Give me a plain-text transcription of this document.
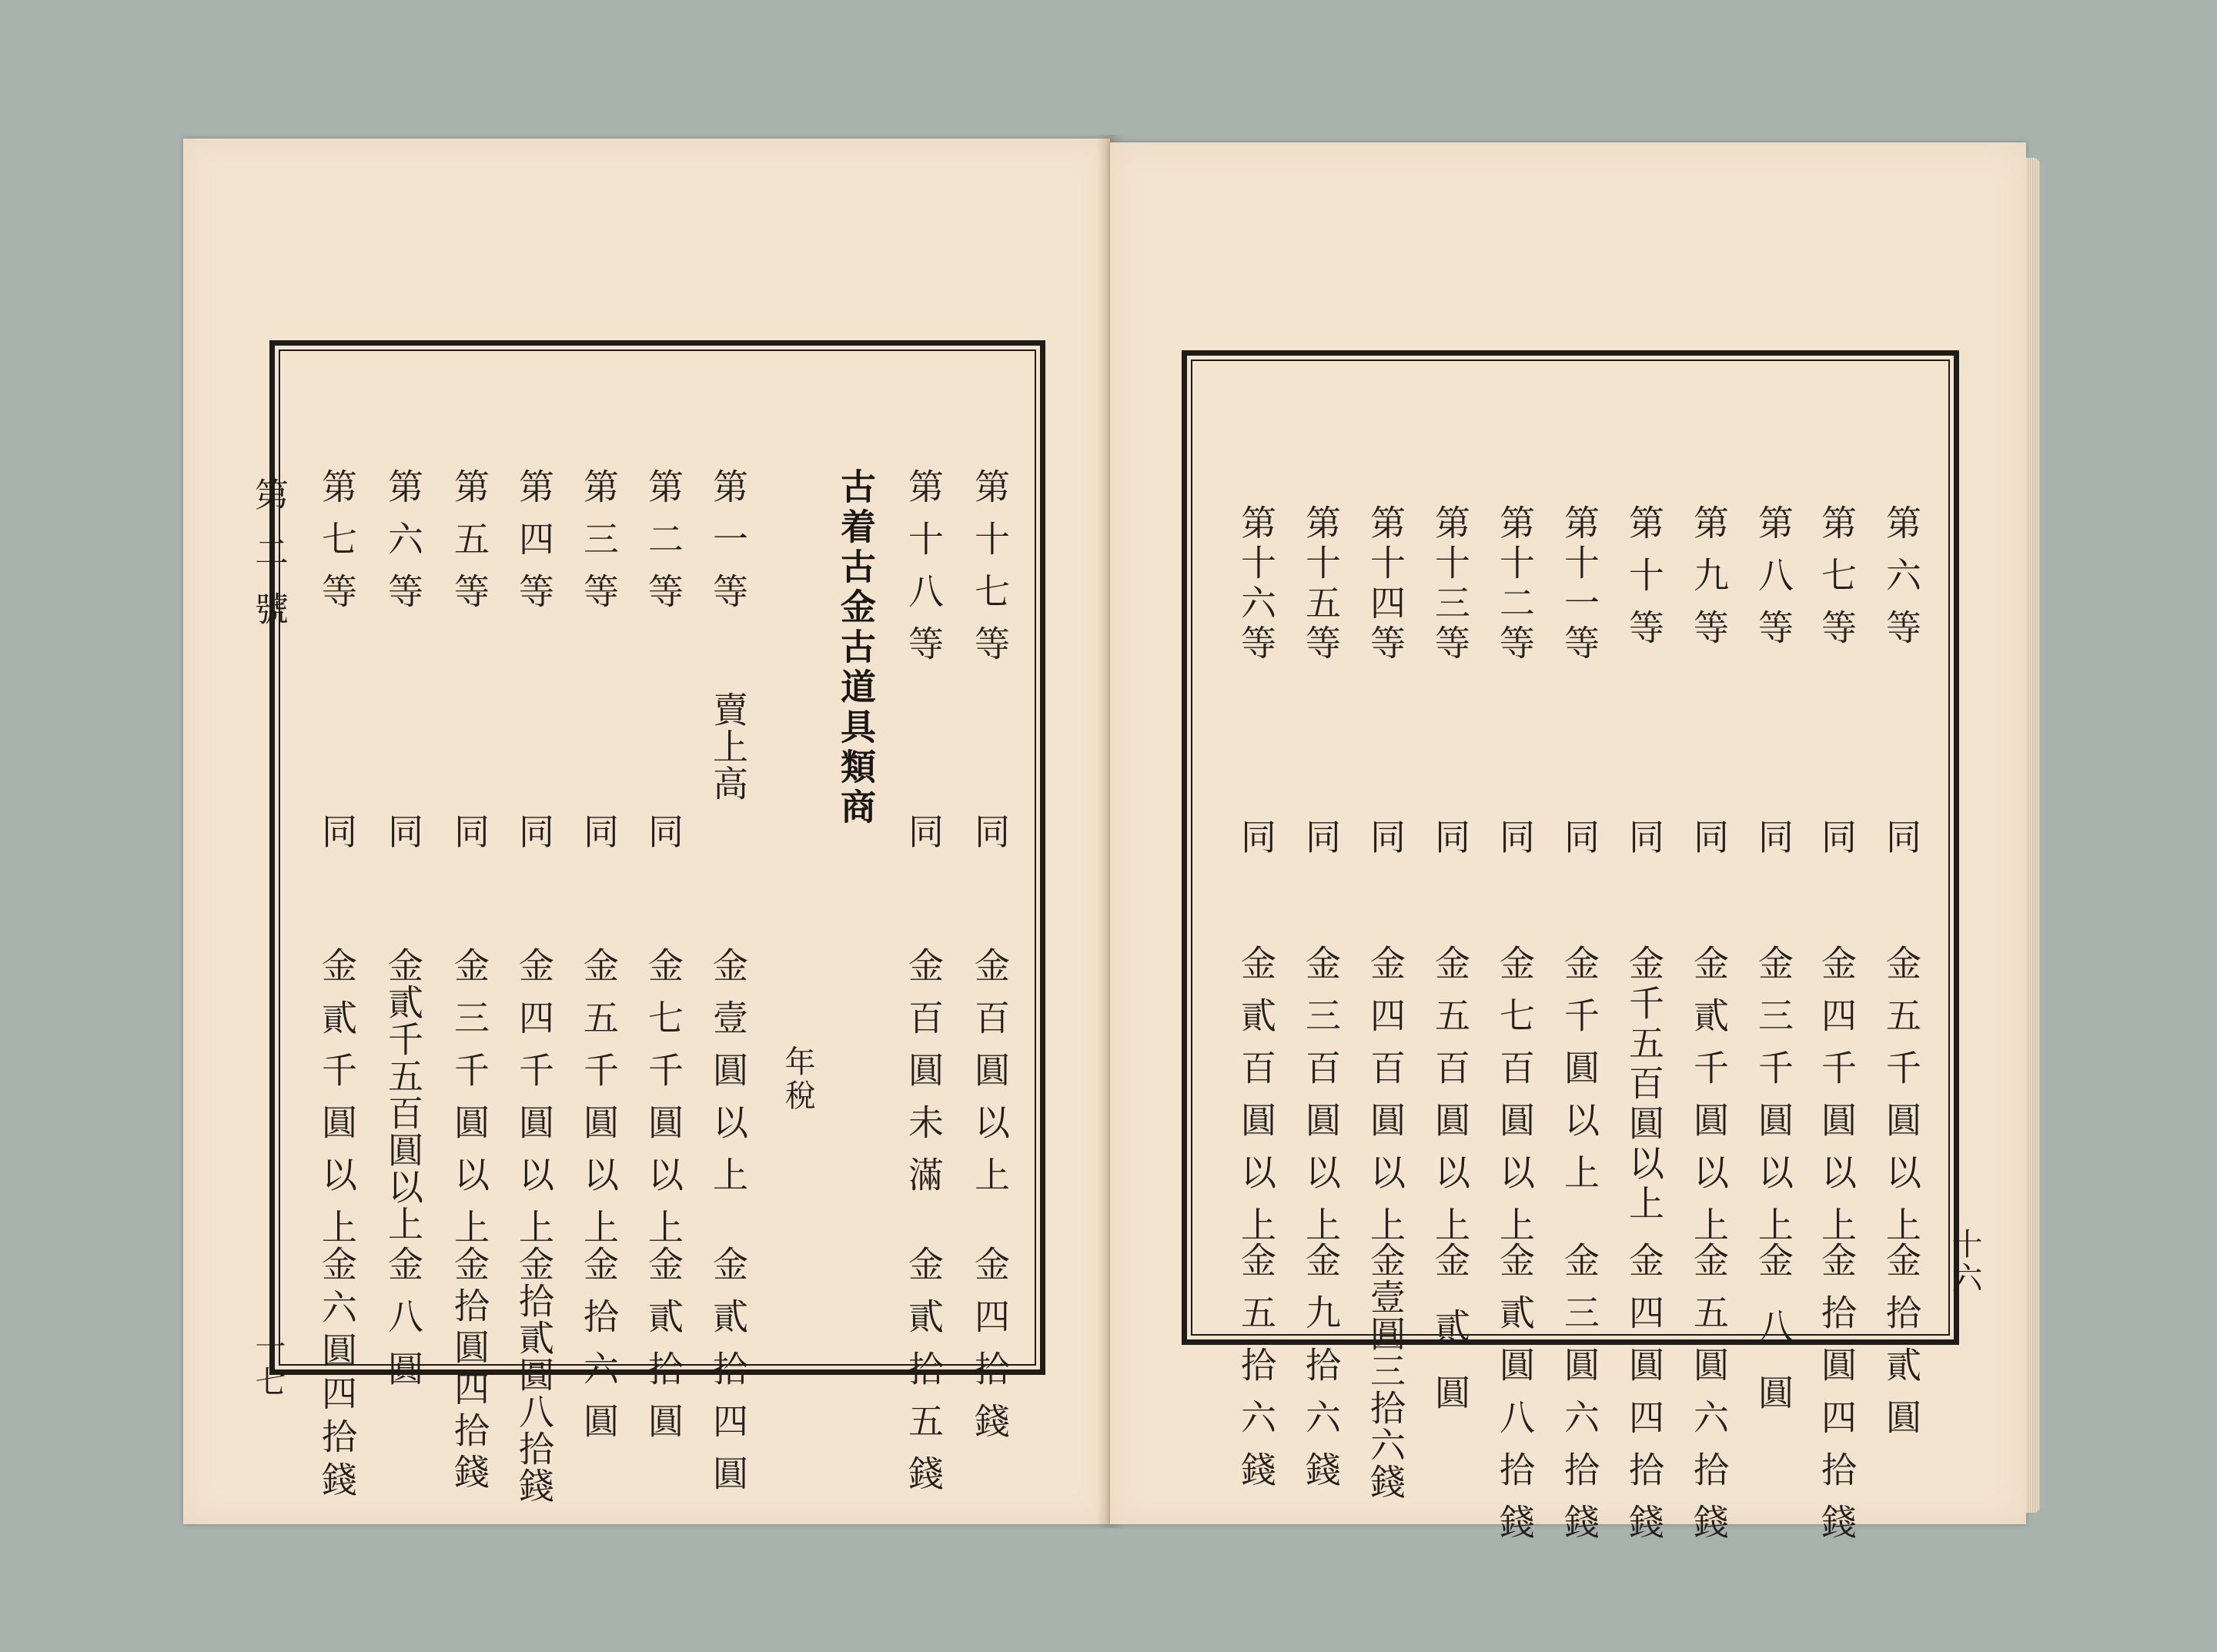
第二號
十七
第十七等
同
金百圓以上
金四拾錢
第十八等
同
金百圓未滿
金貳拾五錢
古着古金古道具類商
年稅
第一等
賣上高
金壹圓以上
金貳拾四圓
第二等
同
金七千圓以上
金貳拾圓
第三等
同
金五千圓以上
金拾六圓
第四等
同
金四千圓以上
金拾貳圓八拾錢
第五等
同
金三千圓以上
金拾圓四拾錢
第六等
同
金貳千五百圓以上
金八圓
第七等
同
金貳千圓以上
金六圓四拾錢	十六
第六等
同
金五千圓以上
金拾貳圓
第七等
同
金四千圓以上
金拾圓四拾錢
第八等
同
金三千圓以上
金八圓
第九等
同
金貳千圓以上
金五圓六拾錢
第十等
同
金千五百圓以上
金四圓四拾錢
第十一等
同
金千圓以上
金三圓六拾錢
第十二等
同
金七百圓以上
金貳圓八拾錢
第十三等
同
金五百圓以上
金貳圓
第十四等
同
金四百圓以上
金壹圓三拾六錢
第十五等
同
金三百圓以上
金九拾六錢
第十六等
同
金貳百圓以上
金五拾六錢
